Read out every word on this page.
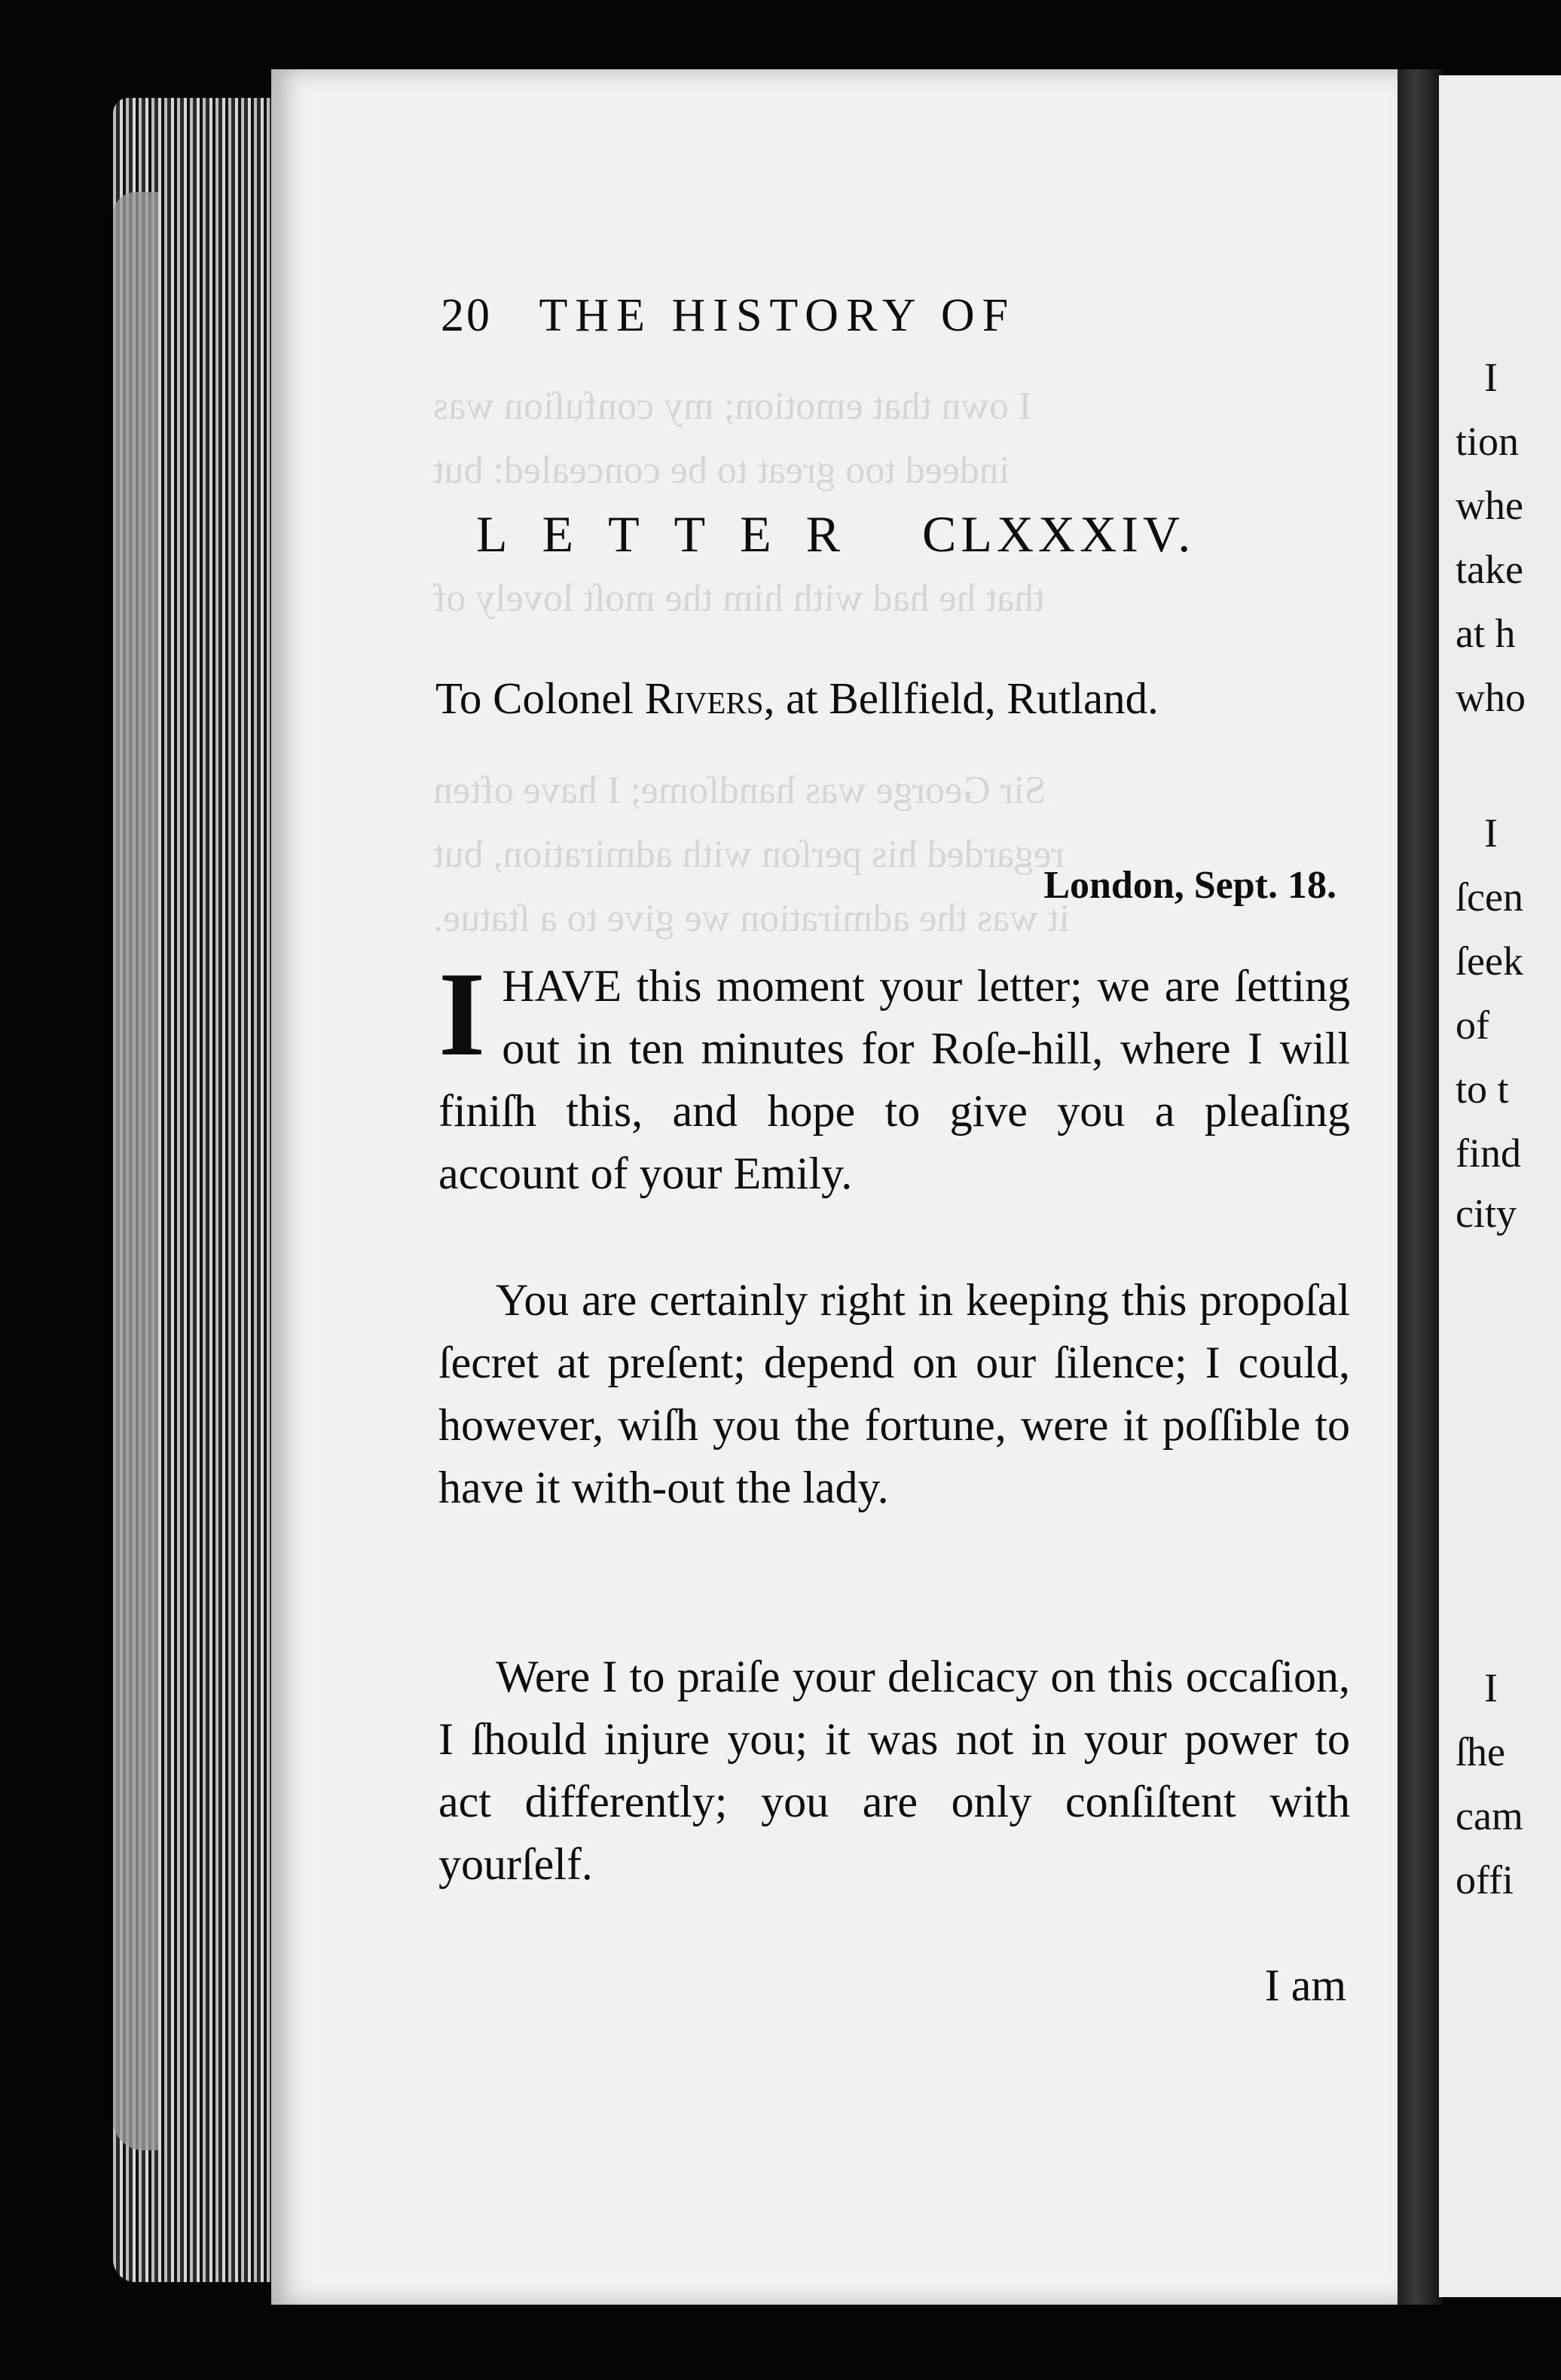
I
tion
whe
take
at h
who
I
ſcen
ſeek
of
to t
find
city
I
ſhe
cam
offi
20 THE HISTORY OF
LETTER CLXXXIV.
To Colonel Rivers, at Bellfield, Rutland.
London, Sept. 18.
I HAVE this moment your letter; we are ſetting out in ten minutes for Roſe-hill, where I will finiſh this, and hope to give you a pleaſing account of your Emily.
You are certainly right in keeping this propoſal ſecret at preſent; depend on our ſilence; I could, however, wiſh you the fortune, were it poſſible to have it with-out the lady.
Were I to praiſe your delicacy on this occaſion, I ſhould injure you; it was not in your power to act differently; you are only conſiſtent with yourſelf.
I am
